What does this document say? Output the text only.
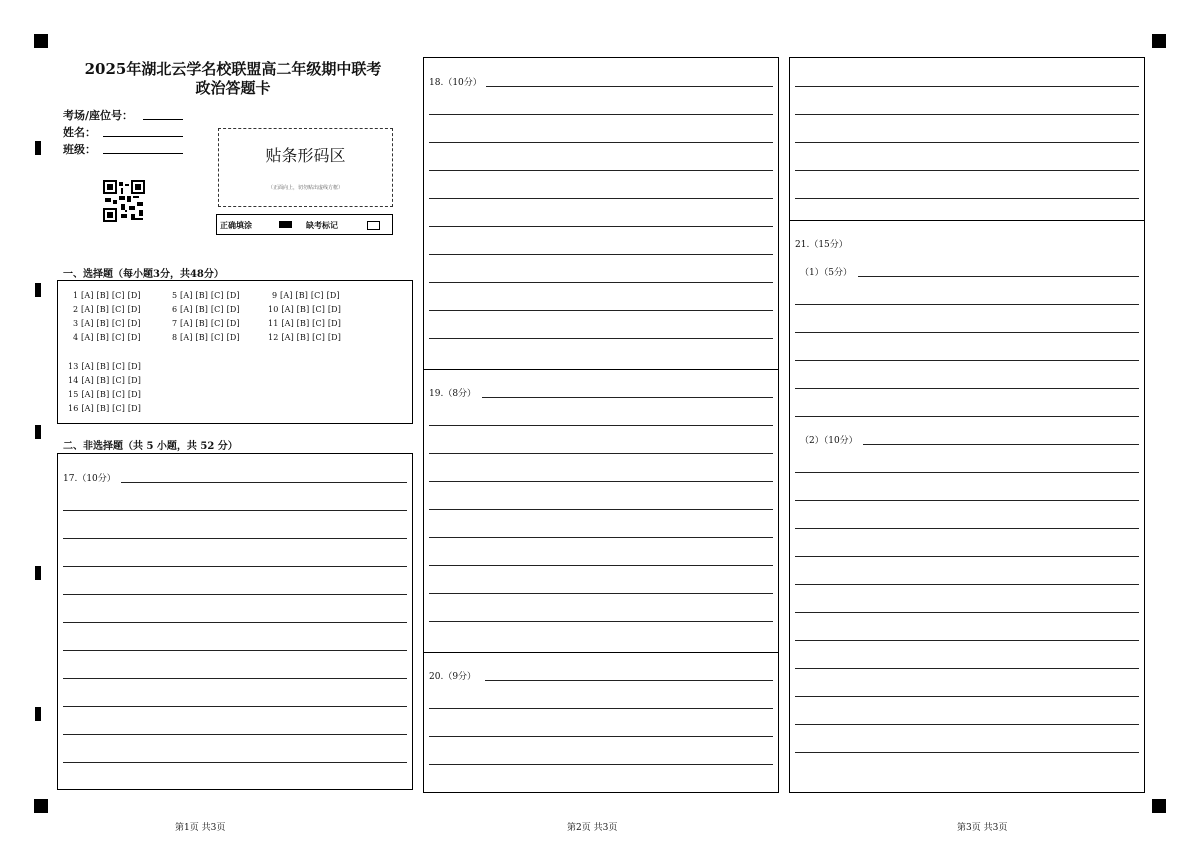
2025年湖北云学名校联盟高二年级期中联考
政治答题卡
考场/座位号：
姓名：
班级：	贴条形码区
（正面向上，切勿贴出虚线方框）
正确填涂	缺考标记
一、选择题（每小题3分，共48分）
1 [A] [B] [C] [D]
2 [A] [B] [C] [D]
3 [A] [B] [C] [D]
4 [A] [B] [C] [D]
5 [A] [B] [C] [D]
6 [A] [B] [C] [D]
7 [A] [B] [C] [D]
8 [A] [B] [C] [D]
9 [A] [B] [C] [D]
10 [A] [B] [C] [D]
11 [A] [B] [C] [D]
12 [A] [B] [C] [D]
13 [A] [B] [C] [D]
14 [A] [B] [C] [D]
15 [A] [B] [C] [D]
16 [A] [B] [C] [D]
二、非选择题（共 5 小题，共 52 分）
17.（10分）
18.（10分）
19.（8分）
20.（9分）
21.（15分）
（1）（5分）
（2）（10分）
第1页 共3页	第2页 共3页	第3页 共3页
